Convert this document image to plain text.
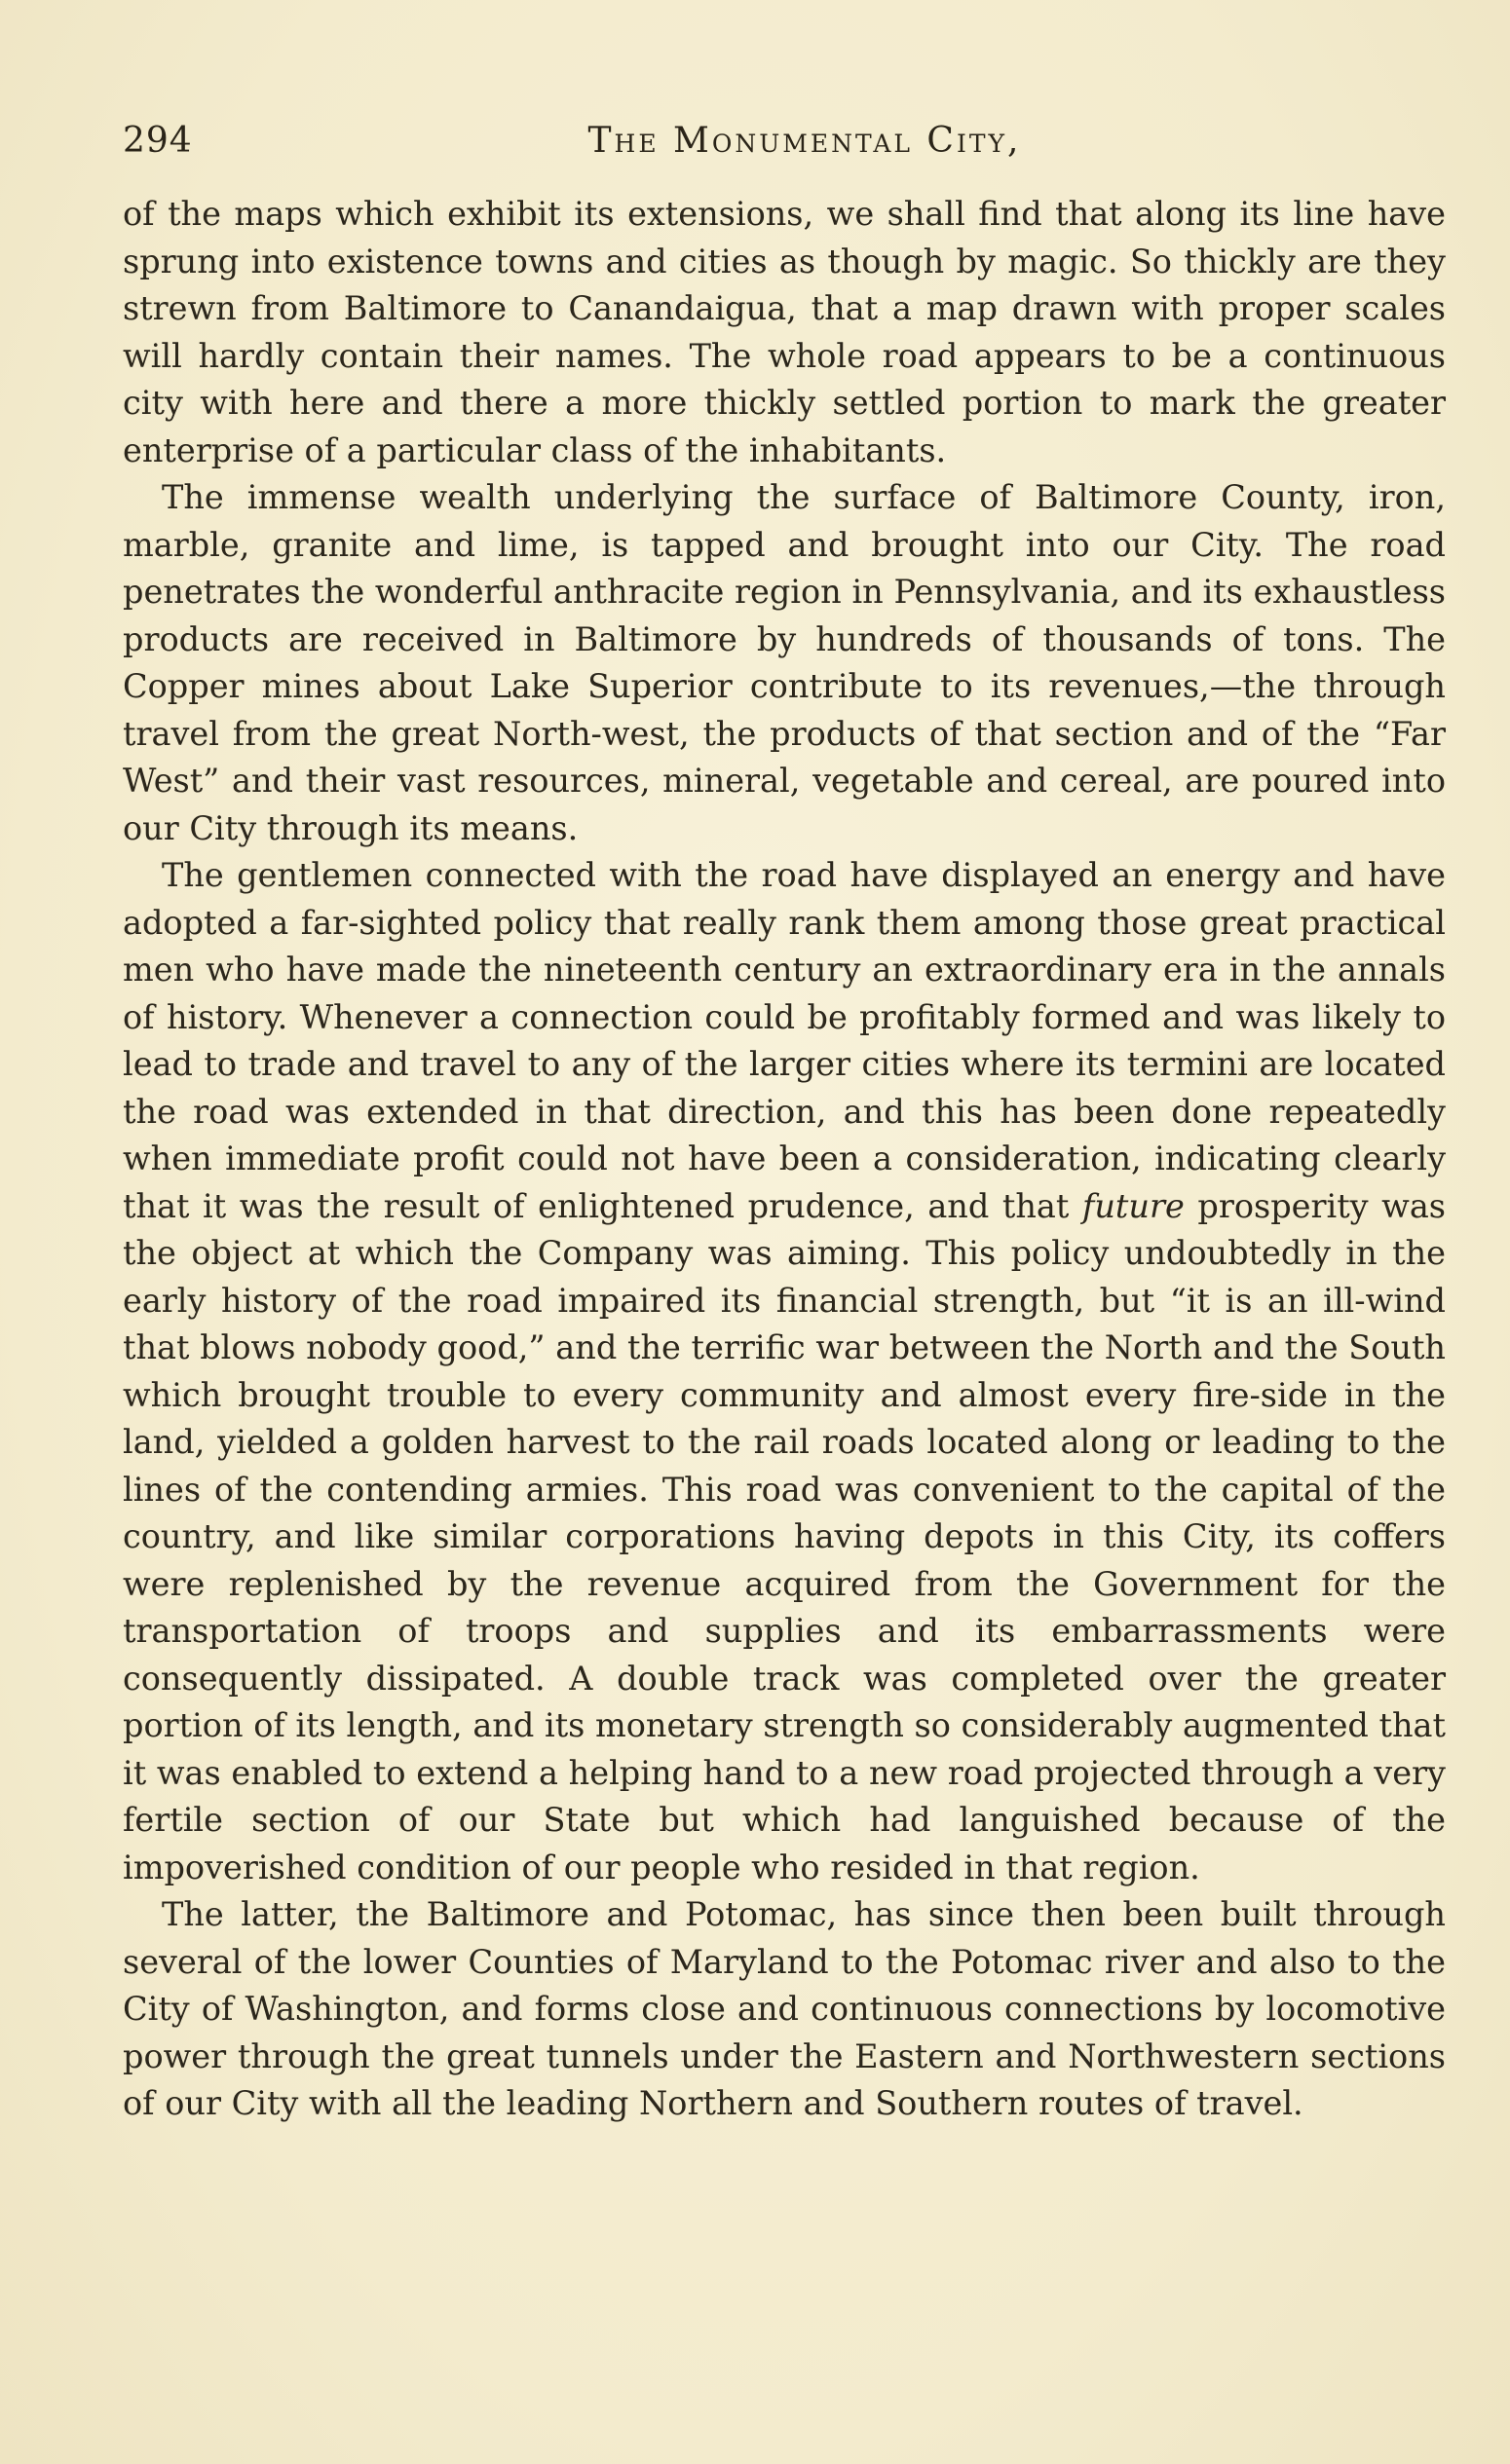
294	The Monumental City,

of the maps which exhibit its extensions, we shall find that along its line have sprung into existence towns and cities as though by magic. So thickly are they strewn from Baltimore to Canandaigua, that a map drawn with proper scales will hardly contain their names. The whole road appears to be a continuous city with here and there a more thickly settled portion to mark the greater enterprise of a particular class of the inhabitants.

The immense wealth underlying the surface of Baltimore County, iron, marble, granite and lime, is tapped and brought into our City. The road penetrates the wonderful anthracite region in Pennsylvania, and its exhaustless products are received in Baltimore by hundreds of thousands of tons. The Copper mines about Lake Superior contribute to its revenues,—the through travel from the great North-west, the products of that section and of the “Far West” and their vast resources, mineral, vegetable and cereal, are poured into our City through its means.

The gentlemen connected with the road have displayed an energy and have adopted a far-sighted policy that really rank them among those great practical men who have made the nineteenth century an extraordinary era in the annals of history. Whenever a connection could be profitably formed and was likely to lead to trade and travel to any of the larger cities where its termini are located the road was extended in that direction, and this has been done repeatedly when immediate profit could not have been a consideration, indicating clearly that it was the result of enlightened prudence, and that future prosperity was the object at which the Company was aiming. This policy undoubtedly in the early history of the road impaired its financial strength, but “it is an ill-wind that blows nobody good,” and the terrific war between the North and the South which brought trouble to every community and almost every fire-side in the land, yielded a golden harvest to the rail roads located along or leading to the lines of the contending armies. This road was convenient to the capital of the country, and like similar corporations having depots in this City, its coffers were replenished by the revenue acquired from the Government for the transportation of troops and supplies and its embarrassments were consequently dissipated. A double track was completed over the greater portion of its length, and its monetary strength so considerably augmented that it was enabled to extend a helping hand to a new road projected through a very fertile section of our State but which had languished because of the impoverished condition of our people who resided in that region.

The latter, the Baltimore and Potomac, has since then been built through several of the lower Counties of Maryland to the Potomac river and also to the City of Washington, and forms close and continuous connections by locomotive power through the great tunnels under the Eastern and Northwestern sections of our City with all the leading Northern and Southern routes of travel.
